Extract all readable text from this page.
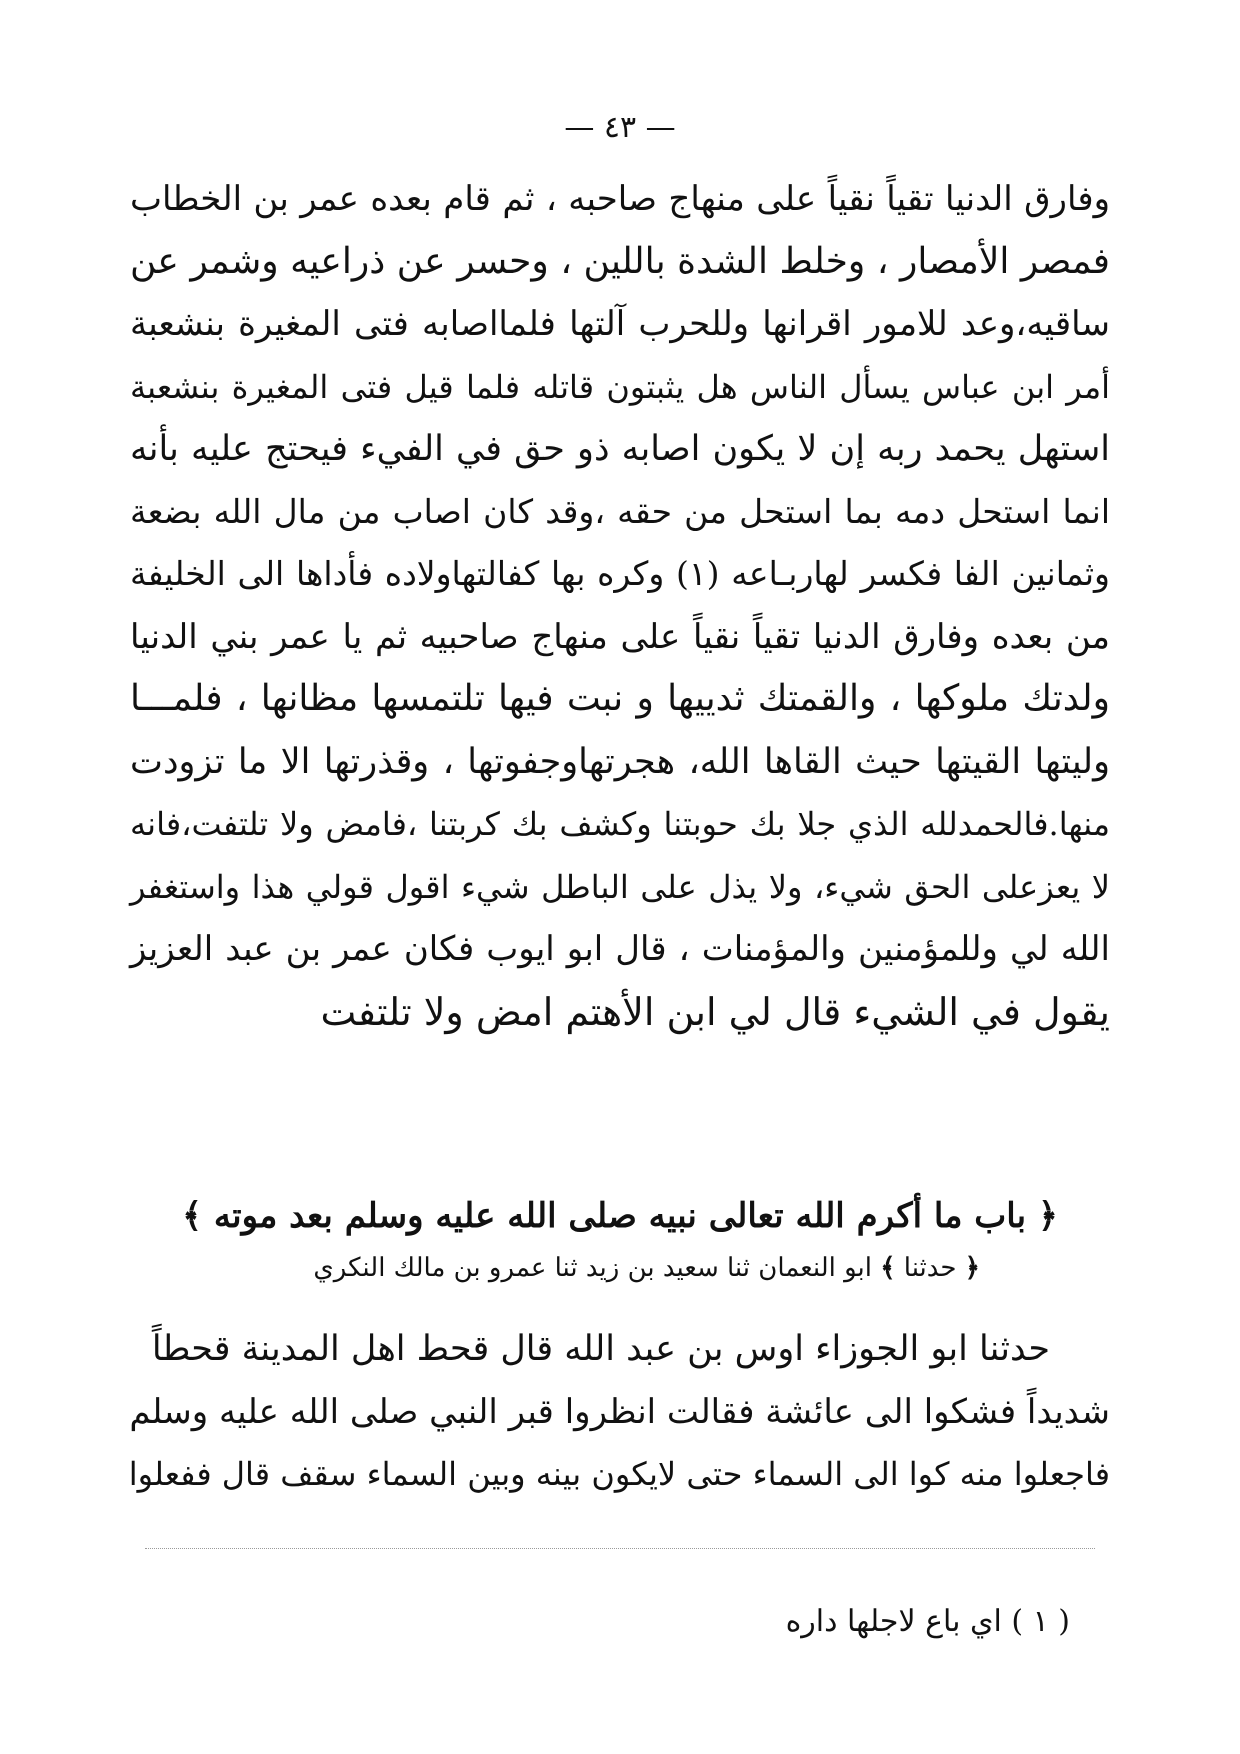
— ٤٣ —
وفارق الدنيا تقياً نقياً على منهاج صاحبه ، ثم قام بعده عمر بن الخطاب
فمصر الأمصار ، وخلط الشدة باللين ، وحسر عن ذراعيه وشمر عن
ساقيه،وعد للامور اقرانها وللحرب آلتها فلمااصابه فتى المغيرة بنشعبة
أمر ابن عباس يسأل الناس هل يثبتون قاتله فلما قيل فتى المغيرة بنشعبة
استهل يحمد ربه إن لا يكون اصابه ذو حق في الفيء فيحتج عليه بأنه
انما استحل دمه بما استحل من حقه ،وقد كان اصاب من مال الله بضعة
وثمانين الفا فكسر لهاربـاعه (١) وكره بها كفالتهاولاده فأداها الى الخليفة
من بعده وفارق الدنيا تقياً نقياً على منهاج صاحبيه ثم يا عمر بني الدنيا
ولدتك ملوكها ، والقمتك ثدييها و نبت فيها تلتمسها مظانها ، فلمـــا
وليتها القيتها حيث القاها الله، هجرتهاوجفوتها ، وقذرتها الا ما تزودت
منها.فالحمدلله الذي جلا بك حوبتنا وكشف بك كربتنا ،فامض ولا تلتفت،فانه
لا يعزعلى الحق شيء، ولا يذل على الباطل شيء اقول قولي هذا واستغفر
الله لي وللمؤمنين والمؤمنات ، قال ابو ايوب فكان عمر بن عبد العزيز
يقول في الشيء قال لي ابن الأهتم امض ولا تلتفت
﴿ باب ما أكرم الله تعالى نبيه صلى الله عليه وسلم بعد موته ﴾
﴿ حدثنا ﴾ ابو النعمان ثنا سعيد بن زيد ثنا عمرو بن مالك النكري
حدثنا ابو الجوزاء اوس بن عبد الله قال قحط اهل المدينة قحطاً
شديداً فشكوا الى عائشة فقالت انظروا قبر النبي صلى الله عليه وسلم
فاجعلوا منه كوا الى السماء حتى لايكون بينه وبين السماء سقف قال ففعلوا
( ١ ) اي باع لاجلها داره
